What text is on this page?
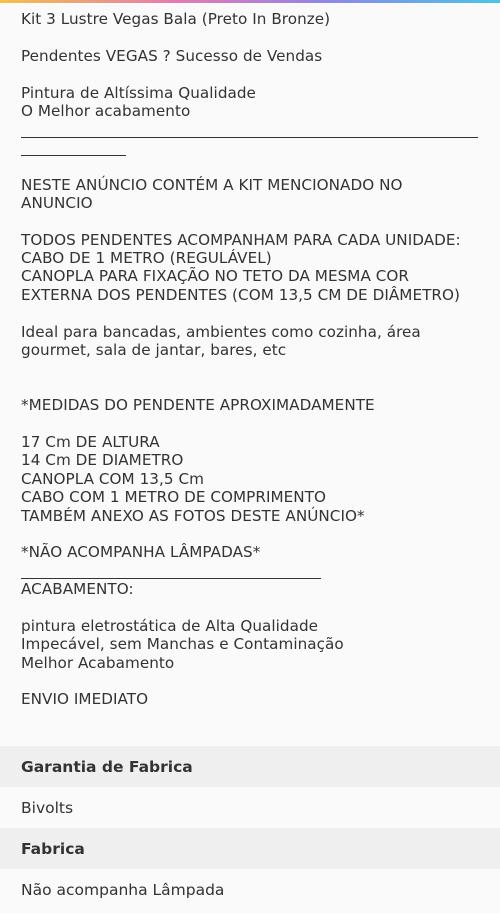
Kit 3 Lustre Vegas Bala (Preto In Bronze)
Pendentes VEGAS ? Sucesso de Vendas
Pintura de Altíssima Qualidade
O Melhor acabamento
NESTE ANÚNCIO CONTÉM A KIT MENCIONADO NO
ANUNCIO
TODOS PENDENTES ACOMPANHAM PARA CADA UNIDADE:
CABO DE 1 METRO (REGULÁVEL)
CANOPLA PARA FIXAÇÃO NO TETO DA MESMA COR
EXTERNA DOS PENDENTES (COM 13,5 CM DE DIÂMETRO)
Ideal para bancadas, ambientes como cozinha, área
gourmet, sala de jantar, bares, etc
*MEDIDAS DO PENDENTE APROXIMADAMENTE
17 Cm DE ALTURA
14 Cm DE DIAMETRO
CANOPLA COM 13,5 Cm
CABO COM 1 METRO DE COMPRIMENTO
TAMBÉM ANEXO AS FOTOS DESTE ANÚNCIO*
*NÃO ACOMPANHA LÂMPADAS*
ACABAMENTO:
pintura eletrostática de Alta Qualidade
Impecável, sem Manchas e Contaminação
Melhor Acabamento
ENVIO IMEDIATO
Garantia de Fabrica
Bivolts
Fabrica
Não acompanha Lâmpada
